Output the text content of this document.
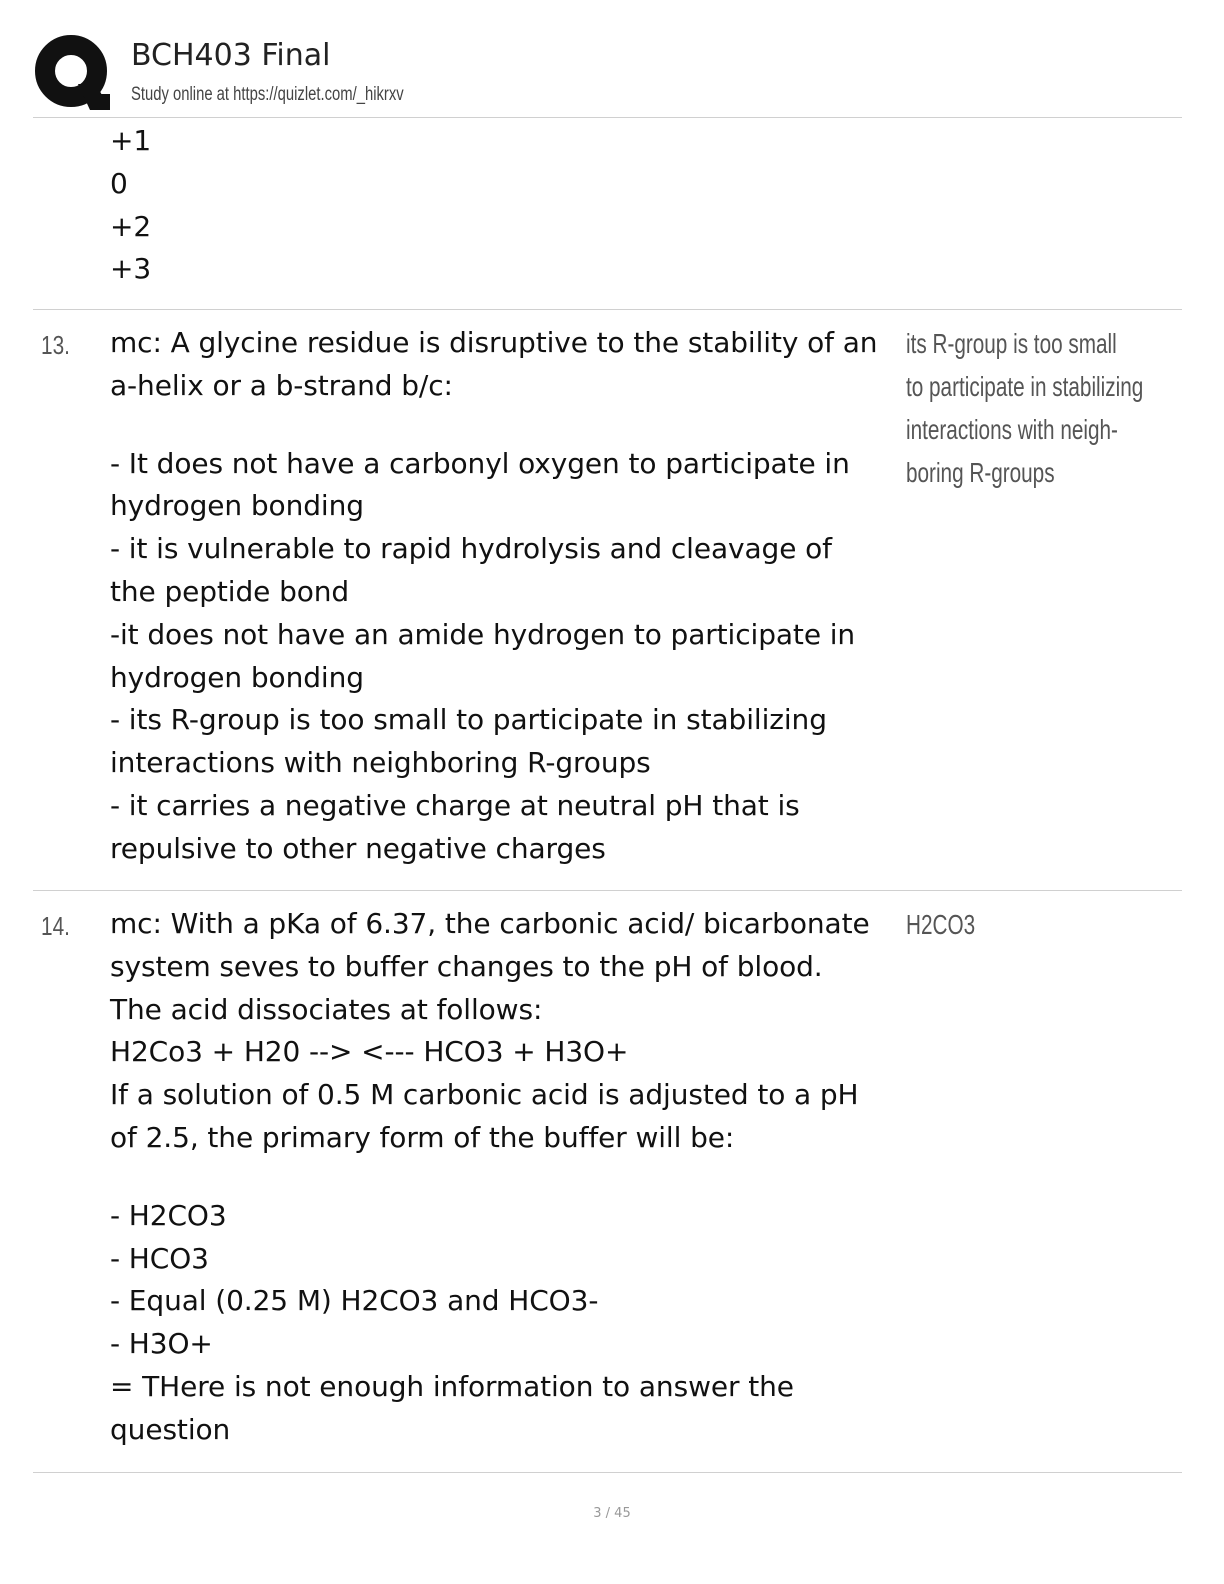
BCH403 Final
Study online at https://quizlet.com/_hikrxv
+1
0
+2
+3
13. mc: A glycine residue is disruptive to the stability of an
a-helix or a b-strand b/c:
- It does not have a carbonyl oxygen to participate in
hydrogen bonding
- it is vulnerable to rapid hydrolysis and cleavage of
the peptide bond
-it does not have an amide hydrogen to participate in
hydrogen bonding
- its R-group is too small to participate in stabilizing
interactions with neighboring R-groups
- it carries a negative charge at neutral pH that is
repulsive to other negative charges
its R-group is too small
to participate in stabilizing
interactions with neigh-
boring R-groups
14. mc: With a pKa of 6.37, the carbonic acid/ bicarbonate
system seves to buffer changes to the pH of blood.
The acid dissociates at follows:
H2Co3 + H20 --> <--- HCO3 + H3O+
If a solution of 0.5 M carbonic acid is adjusted to a pH
of 2.5, the primary form of the buffer will be:
- H2CO3
- HCO3
- Equal (0.25 M) H2CO3 and HCO3-
- H3O+
= THere is not enough information to answer the
question
H2CO3
3 / 45
